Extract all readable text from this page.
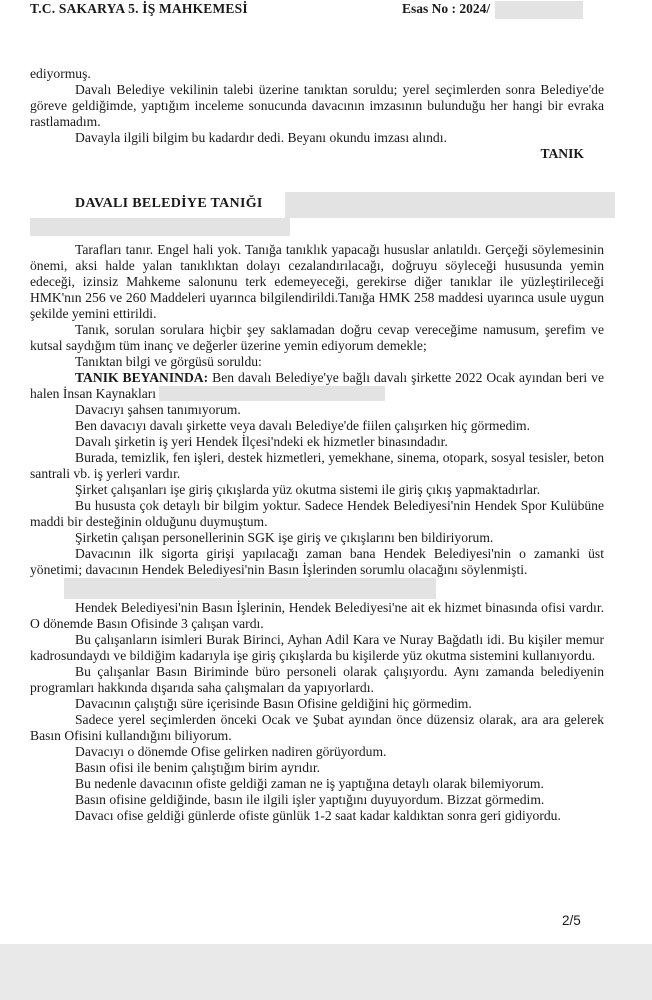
T.C. SAKARYA 5. İŞ MAHKEMESİ	Esas No : 2024/

ediyormuş.

Davalı Belediye vekilinin talebi üzerine tanıktan soruldu; yerel seçimlerden sonra Belediye'de göreve geldiğimde, yaptığım inceleme sonucunda davacının imzasının bulunduğu her hangi bir evraka rastlamadım.

Davayla ilgili bilgim bu kadardır dedi. Beyanı okundu imzası alındı.

TANIK

DAVALI BELEDİYE TANIĞI

Tarafları tanır. Engel hali yok. Tanığa tanıklık yapacağı hususlar anlatıldı. Gerçeği söylemesinin önemi, aksi halde yalan tanıklıktan dolayı cezalandırılacağı, doğruyu söyleceği hususunda yemin edeceği, izinsiz Mahkeme salonunu terk edemeyeceği, gerekirse diğer tanıklar ile yüzleştirileceği HMK'nın 256 ve 260 Maddeleri uyarınca bilgilendirildi.Tanığa HMK 258 maddesi uyarınca usule uygun şekilde yemini ettirildi.

Tanık, sorulan sorulara hiçbir şey saklamadan doğru cevap vereceğime namusum, şerefim ve kutsal saydığım tüm inanç ve değerler üzerine yemin ediyorum demekle;

Tanıktan bilgi ve görgüsü soruldu:

TANIK BEYANINDA: Ben davalı Belediye'ye bağlı davalı şirkette 2022 Ocak ayından beri ve halen İnsan Kaynakları

Davacıyı şahsen tanımıyorum.

Ben davacıyı davalı şirkette veya davalı Belediye'de fiilen çalışırken hiç görmedim.

Davalı şirketin iş yeri Hendek İlçesi'ndeki ek hizmetler binasındadır.

Burada, temizlik, fen işleri, destek hizmetleri, yemekhane, sinema, otopark, sosyal tesisler, beton santrali vb. iş yerleri vardır.

Şirket çalışanları işe giriş çıkışlarda yüz okutma sistemi ile giriş çıkış yapmaktadırlar.

Bu hususta çok detaylı bir bilgim yoktur. Sadece Hendek Belediyesi'nin Hendek Spor Kulübüne maddi bir desteğinin olduğunu duymuştum.

Şirketin çalışan personellerinin SGK işe giriş ve çıkışlarını ben bildiriyorum.

Davacının ilk sigorta girişi yapılacağı zaman bana Hendek Belediyesi'nin o zamanki üst yönetimi; davacının Hendek Belediyesi'nin Basın İşlerinden sorumlu olacağını söylenmişti.

Hendek Belediyesi'nin Basın İşlerinin, Hendek Belediyesi'ne ait ek hizmet binasında ofisi vardır. O dönemde Basın Ofisinde 3 çalışan vardı.

Bu çalışanların isimleri Burak Birinci, Ayhan Adil Kara ve Nuray Bağdatlı idi. Bu kişiler memur kadrosundaydı ve bildiğim kadarıyla işe giriş çıkışlarda bu kişilerde yüz okutma sistemini kullanıyordu.

Bu çalışanlar Basın Biriminde büro personeli olarak çalışıyordu. Aynı zamanda belediyenin programları hakkında dışarıda saha çalışmaları da yapıyorlardı.

Davacının çalıştığı süre içerisinde Basın Ofisine geldiğini hiç görmedim.

Sadece yerel seçimlerden önceki Ocak ve Şubat ayından önce düzensiz olarak, ara ara gelerek Basın Ofisini kullandığını biliyorum.

Davacıyı o dönemde Ofise gelirken nadiren görüyordum.

Basın ofisi ile benim çalıştığım birim ayrıdır.

Bu nedenle davacının ofiste geldiği zaman ne iş yaptığına detaylı olarak bilemiyorum.

Basın ofisine geldiğinde, basın ile ilgili işler yaptığını duyuyordum. Bizzat görmedim.

Davacı ofise geldiği günlerde ofiste günlük 1-2 saat kadar kaldıktan sonra geri gidiyordu.

2/5
